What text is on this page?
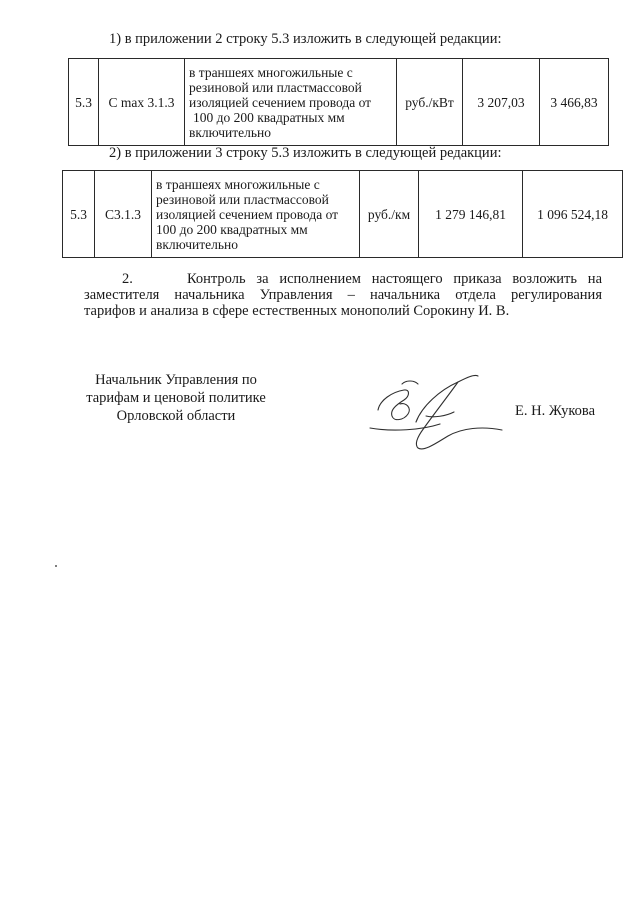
1) в приложении 2 строку 5.3 изложить в следующей редакции:
5.3	С max 3.1.3	
в траншеях многожильные с
резиновой или пластмассовой
изоляцией сечением провода от
100 до 200 квадратных мм
включительно
	руб./кВт	3 207,03	3 466,83
2) в приложении 3 строку 5.3 изложить в следующей редакции:
5.3	С3.1.3	
в траншеях многожильные с
резиновой или пластмассовой
изоляцией сечением провода от
100 до 200 квадратных мм
включительно
	руб./км	1 279 146,81	1 096 524,18
2.	Контроль за исполнением настоящего приказа возложить на
заместителя начальника Управления – начальника отдела регулирования
тарифов и анализа в сфере естественных монополий Сорокину И. В.
Начальник Управления по
тарифам и ценовой политике
Орловской области	Е. Н. Жукова
